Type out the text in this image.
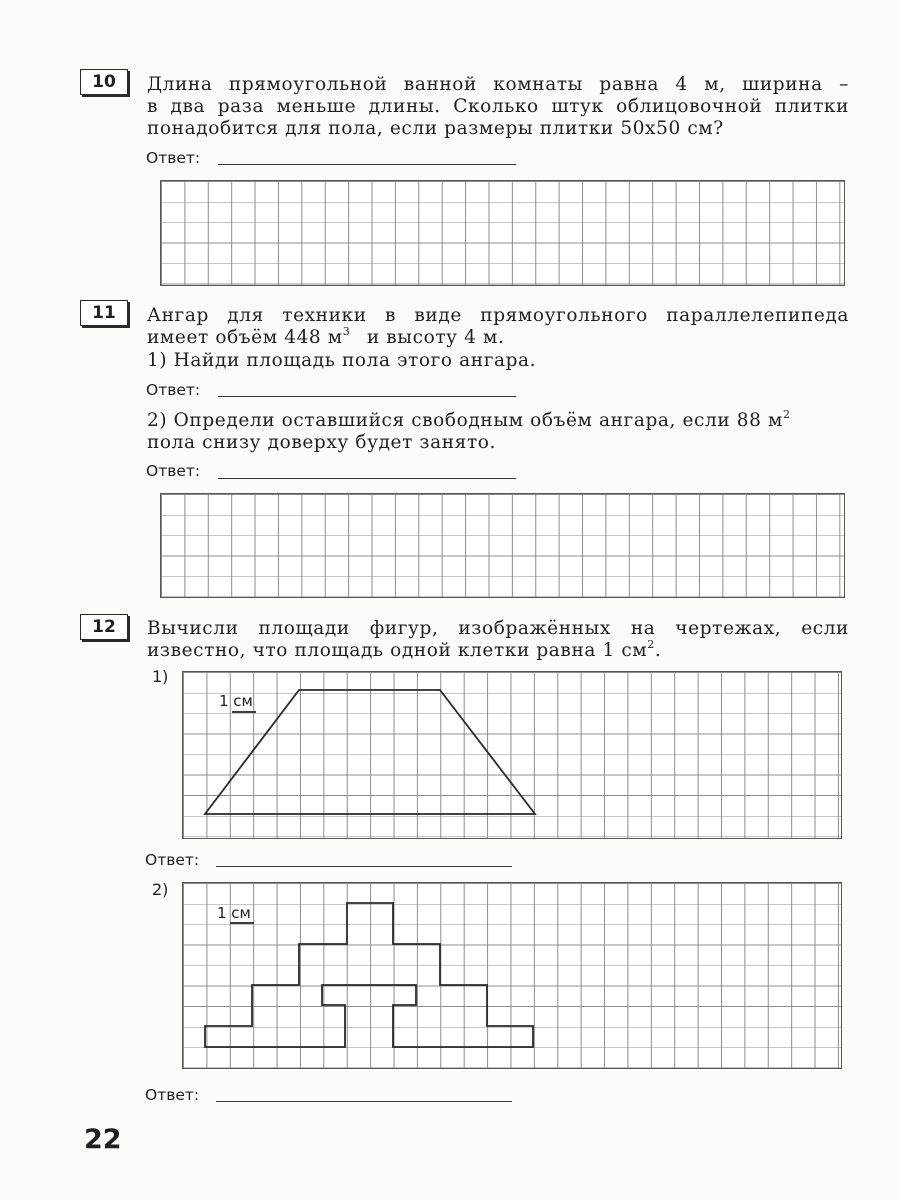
10	Длина прямоугольной ванной комнаты равна 4 м, ширина –
в два раза меньше длины. Сколько штук облицовочной плитки
понадобится для пола, если размеры плитки 50x50 см?
Ответ:
11	Ангар для техники в виде прямоугольного параллелепипеда
имеет объём 448 $м^3$ и высоту 4 м.
1) Найди площадь пола этого ангара.
Ответ:
2) Определи оставшийся свободным объём ангара, если 88 $м^2$
пола снизу доверху будет занято.
Ответ:
12	Вычисли площади фигур, изображённых на чертежах, если
известно, что площадь одной клетки равна 1 $см^2$.
1)
1 см
Ответ:
2)
1 см
Ответ:
22
